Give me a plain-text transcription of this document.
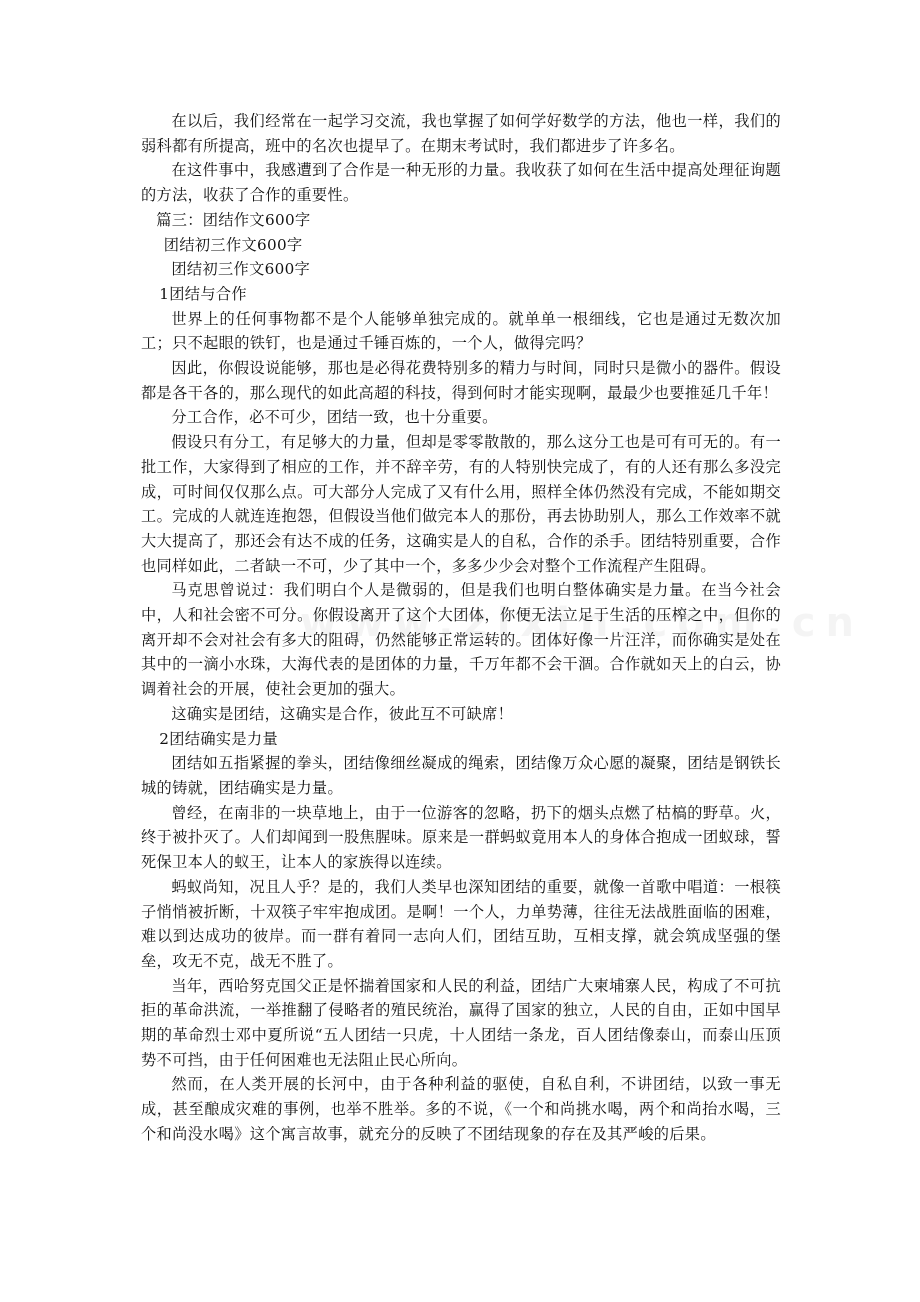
在以后，我们经常在一起学习交流，我也掌握了如何学好数学的方法，他也一样，我们的弱科都有所提高，班中的名次也提早了。在期末考试时，我们都进步了许多名。

在这件事中，我感遭到了合作是一种无形的力量。我收获了如何在生活中提高处理征询题的方法，收获了合作的重要性。

篇三：团结作文600字

团结初三作文600字

团结初三作文600字

1团结与合作

世界上的任何事物都不是个人能够单独完成的。就单单一根细线，它也是通过无数次加工；只不起眼的铁钉，也是通过千锤百炼的，一个人，做得完吗？

因此，你假设说能够，那也是必得花费特别多的精力与时间，同时只是微小的器件。假设都是各干各的，那么现代的如此高超的科技，得到何时才能实现啊，最最少也要推延几千年！

分工合作，必不可少，团结一致，也十分重要。

假设只有分工，有足够大的力量，但却是零零散散的，那么这分工也是可有可无的。有一批工作，大家得到了相应的工作，并不辞辛劳，有的人特别快完成了，有的人还有那么多没完成，可时间仅仅那么点。可大部分人完成了又有什么用，照样全体仍然没有完成，不能如期交工。完成的人就连连抱怨，但假设当他们做完本人的那份，再去协助别人，那么工作效率不就大大提高了，那还会有达不成的任务，这确实是人的自私，合作的杀手。团结特别重要，合作也同样如此，二者缺一不可，少了其中一个，多多少少会对整个工作流程产生阻碍。

马克思曾说过：我们明白个人是微弱的，但是我们也明白整体确实是力量。在当今社会中，人和社会密不可分。你假设离开了这个大团体，你便无法立足于生活的压榨之中，但你的离开却不会对社会有多大的阻碍，仍然能够正常运转的。团体好像一片汪洋，而你确实是处在其中的一滴小水珠，大海代表的是团体的力量，千万年都不会干涸。合作就如天上的白云，协调着社会的开展，使社会更加的强大。

这确实是团结，这确实是合作，彼此互不可缺席！

2团结确实是力量

团结如五指紧握的拳头，团结像细丝凝成的绳索，团结像万众心愿的凝聚，团结是钢铁长城的铸就，团结确实是力量。

曾经，在南非的一块草地上，由于一位游客的忽略，扔下的烟头点燃了枯槁的野草。火，终于被扑灭了。人们却闻到一股焦腥味。原来是一群蚂蚁竟用本人的身体合抱成一团蚁球，誓死保卫本人的蚁王，让本人的家族得以连续。

蚂蚁尚知，况且人乎？是的，我们人类早也深知团结的重要，就像一首歌中唱道：一根筷子悄悄被折断，十双筷子牢牢抱成团。是啊！一个人，力单势薄，往往无法战胜面临的困难，难以到达成功的彼岸。而一群有着同一志向人们，团结互助，互相支撑，就会筑成坚强的堡垒，攻无不克，战无不胜了。

当年，西哈努克国父正是怀揣着国家和人民的利益，团结广大柬埔寨人民，构成了不可抗拒的革命洪流，一举推翻了侵略者的殖民统治，赢得了国家的独立，人民的自由，正如中国早期的革命烈士邓中夏所说“五人团结一只虎，十人团结一条龙，百人团结像泰山，而泰山压顶势不可挡，由于任何困难也无法阻止民心所向。

然而，在人类开展的长河中，由于各种利益的驱使，自私自利，不讲团结，以致一事无成，甚至酿成灾难的事例，也举不胜举。多的不说，《一个和尚挑水喝，两个和尚抬水喝，三个和尚没水喝》这个寓言故事，就充分的反映了不团结现象的存在及其严峻的后果。
